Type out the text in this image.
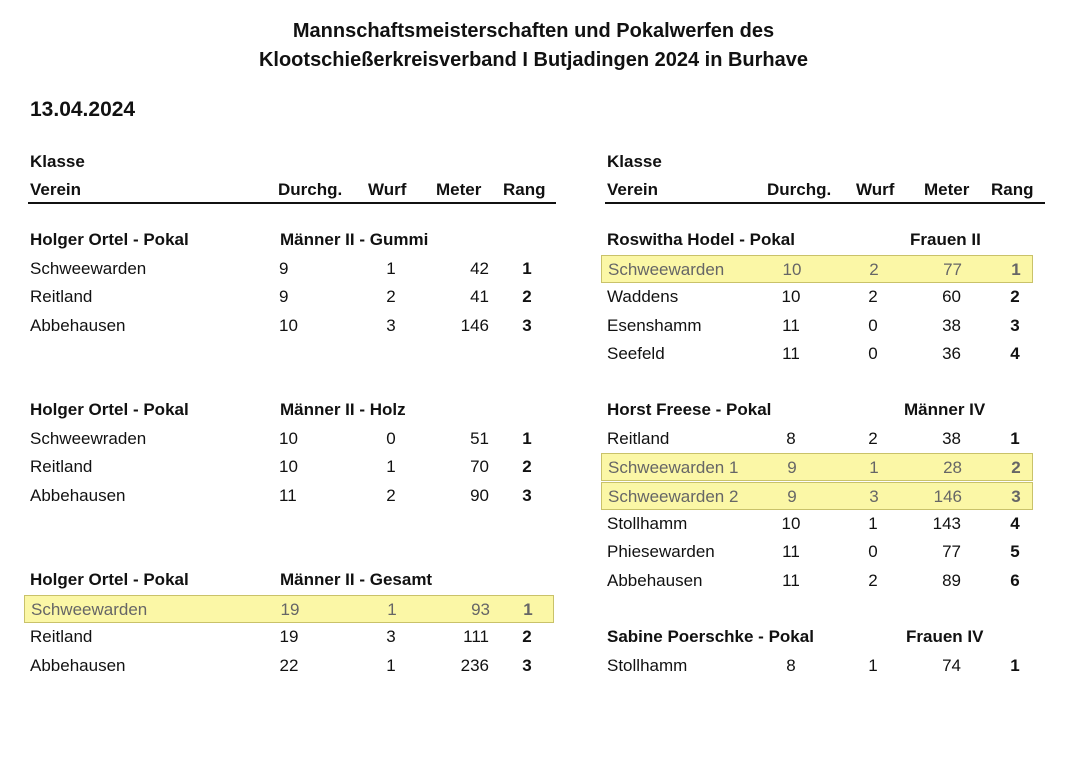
Mannschaftsmeisterschaften und Pokalwerfen des
Klootschießerkreisverband I Butjadingen 2024 in Burhave
13.04.2024
Klasse
Verein	Durchg. Wurf Meter Rang
Klasse
Verein	Durchg. Wurf Meter Rang
Holger Ortel - Pokal	Männer II - Gummi
Schweewarden	9	1	42	1
Reitland	9	2	41	2
Abbehausen	10	3	146	3
Holger Ortel - Pokal	Männer II - Holz
Schweewraden	10	0	51	1
Reitland	10	1	70	2
Abbehausen	11	2	90	3
Holger Ortel - Pokal	Männer II - Gesamt
Schweewarden	19	1	93	1
Reitland	19	3	111	2
Abbehausen	22	1	236	3
Roswitha Hodel - Pokal	Frauen II
Schweewarden	10	2	77	1
Waddens	10	2	60	2
Esenshamm	11	0	38	3
Seefeld	11	0	36	4
Horst Freese - Pokal	Männer IV
Reitland	8	2	38	1
Schweewarden 1	9	1	28	2
Schweewarden 2	9	3	146	3
Stollhamm	10	1	143	4
Phiesewarden	11	0	77	5
Abbehausen	11	2	89	6
Sabine Poerschke - Pokal	Frauen IV
Stollhamm	8	1	74	1
